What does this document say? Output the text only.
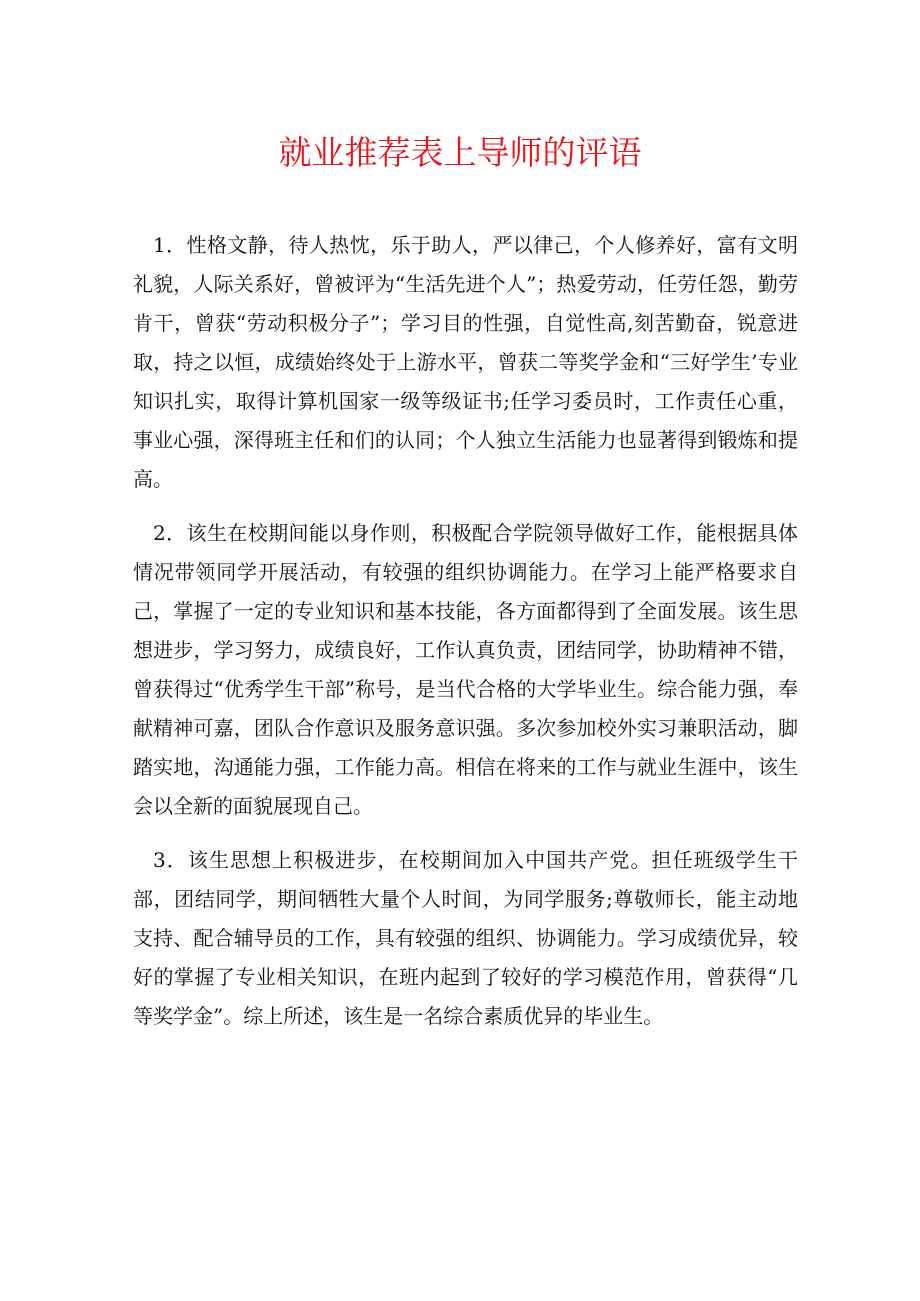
就业推荐表上导师的评语

1．性格文静，待人热忱，乐于助人，严以律己，个人修养好，富有文明礼貌，人际关系好，曾被评为“生活先进个人”；热爱劳动，任劳任怨，勤劳肯干，曾获“劳动积极分子”；学习目的性强，自觉性高,刻苦勤奋，锐意进取，持之以恒，成绩始终处于上游水平，曾获二等奖学金和“三好学生’专业知识扎实，取得计算机国家一级等级证书;任学习委员时，工作责任心重，事业心强，深得班主任和们的认同；个人独立生活能力也显著得到锻炼和提高。

2．该生在校期间能以身作则，积极配合学院领导做好工作，能根据具体情况带领同学开展活动，有较强的组织协调能力。在学习上能严格要求自己，掌握了一定的专业知识和基本技能，各方面都得到了全面发展。该生思想进步，学习努力，成绩良好，工作认真负责，团结同学，协助精神不错，曾获得过“优秀学生干部”称号，是当代合格的大学毕业生。综合能力强，奉献精神可嘉，团队合作意识及服务意识强。多次参加校外实习兼职活动，脚踏实地，沟通能力强，工作能力高。相信在将来的工作与就业生涯中，该生会以全新的面貌展现自己。

3．该生思想上积极进步，在校期间加入中国共产党。担任班级学生干部，团结同学，期间牺牲大量个人时间，为同学服务;尊敬师长，能主动地支持、配合辅导员的工作，具有较强的组织、协调能力。学习成绩优异，较好的掌握了专业相关知识，在班内起到了较好的学习模范作用，曾获得“几等奖学金”。综上所述，该生是一名综合素质优异的毕业生。
